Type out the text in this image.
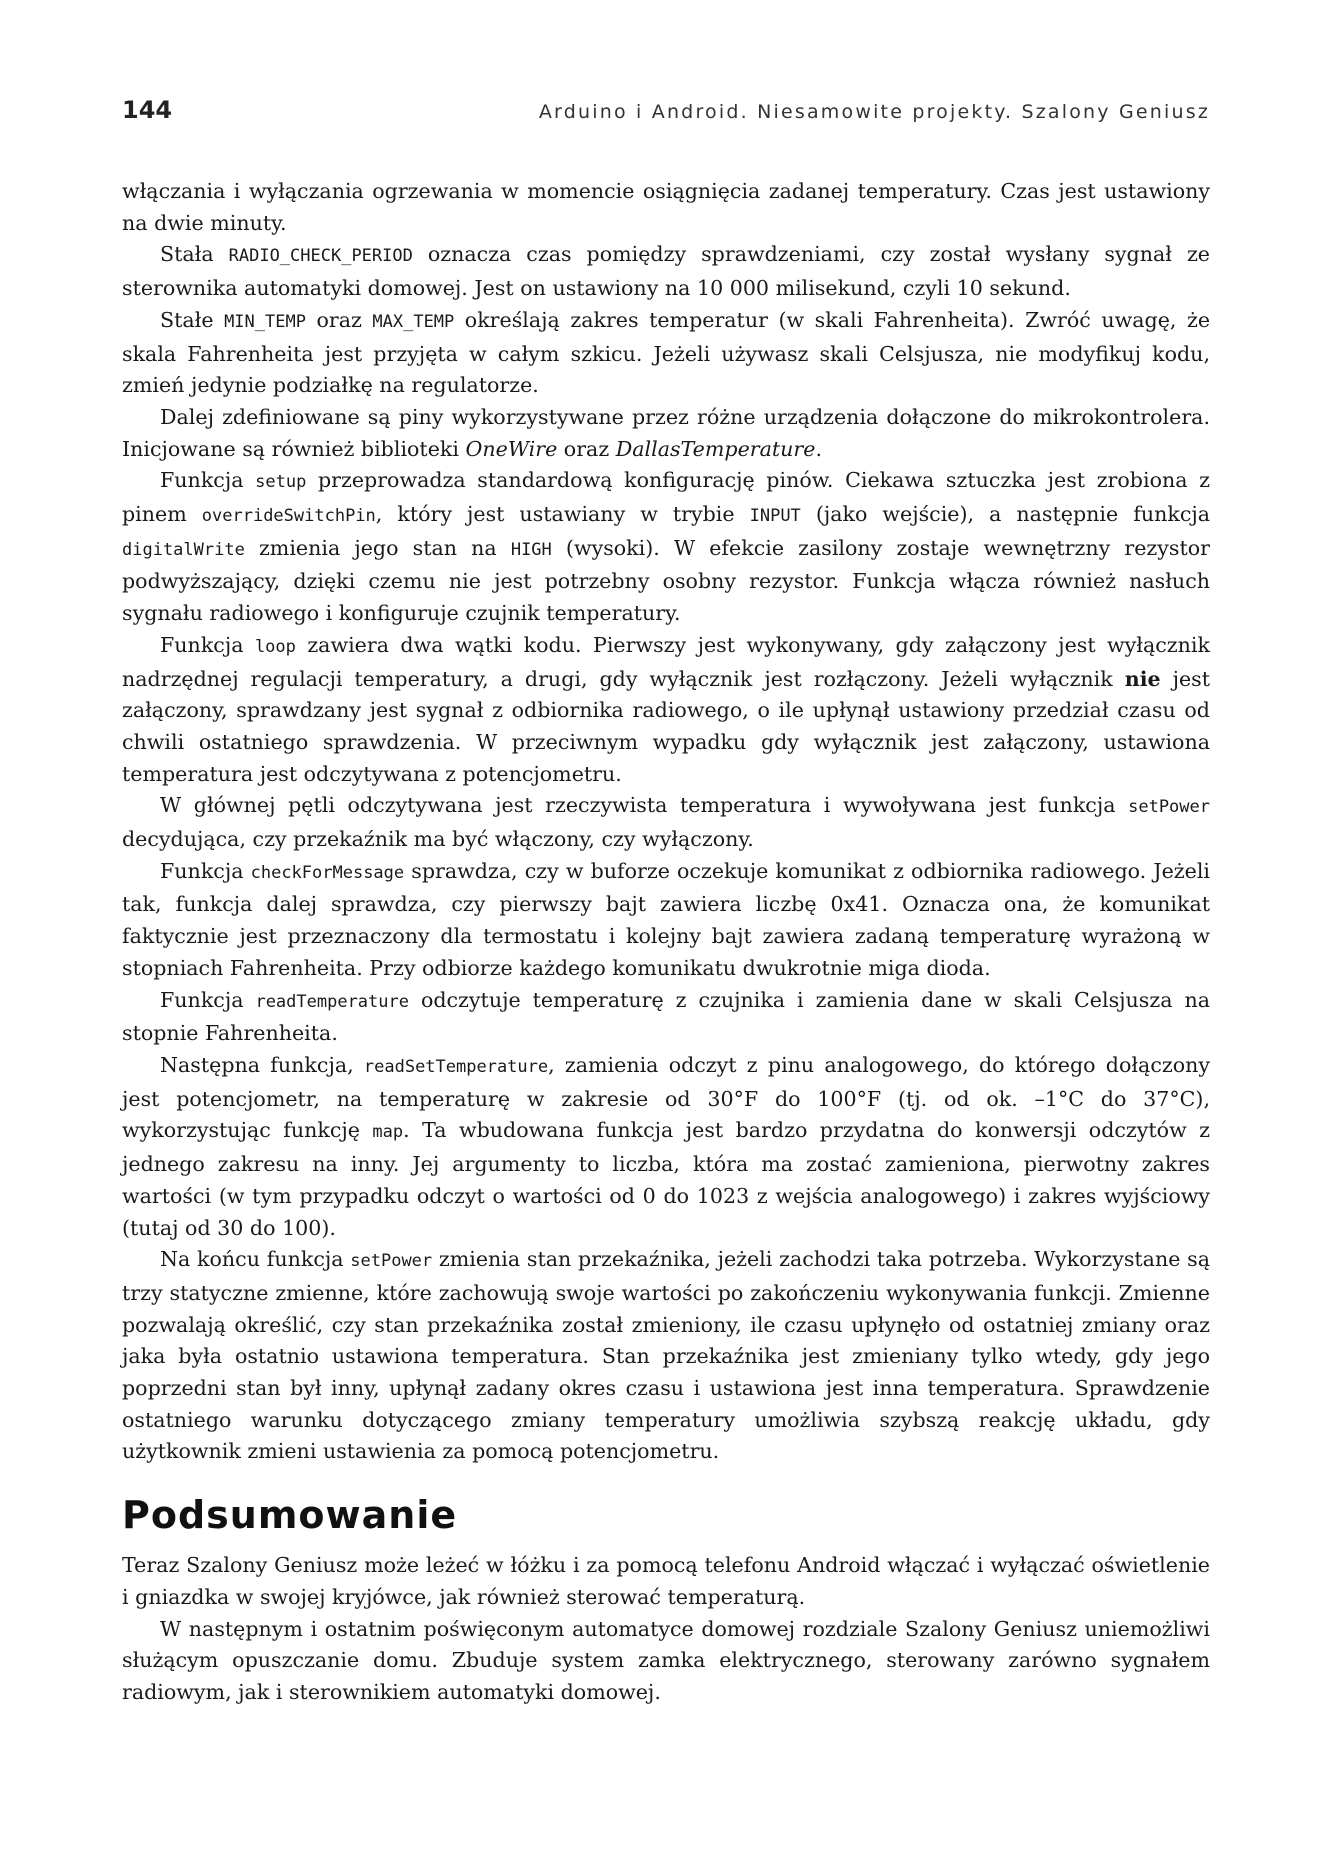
144	Arduino i Android. Niesamowite projekty. Szalony Geniusz

włączania i wyłączania ogrzewania w momencie osiągnięcia zadanej temperatury. Czas jest ustawiony na dwie minuty.

Stała RADIO_CHECK_PERIOD oznacza czas pomiędzy sprawdzeniami, czy został wysłany sygnał ze sterownika automatyki domowej. Jest on ustawiony na 10 000 milisekund, czyli 10 sekund.

Stałe MIN_TEMP oraz MAX_TEMP określają zakres temperatur (w skali Fahrenheita). Zwróć uwagę, że skala Fahrenheita jest przyjęta w całym szkicu. Jeżeli używasz skali Celsjusza, nie modyfikuj kodu, zmień jedynie podziałkę na regulatorze.

Dalej zdefiniowane są piny wykorzystywane przez różne urządzenia dołączone do mikrokontrolera. Inicjowane są również biblioteki OneWire oraz DallasTemperature.

Funkcja setup przeprowadza standardową konfigurację pinów. Ciekawa sztuczka jest zrobiona z pinem overrideSwitchPin, który jest ustawiany w trybie INPUT (jako wejście), a następnie funkcja digitalWrite zmienia jego stan na HIGH (wysoki). W efekcie zasilony zostaje wewnętrzny rezystor podwyższający, dzięki czemu nie jest potrzebny osobny rezystor. Funkcja włącza również nasłuch sygnału radiowego i konfiguruje czujnik temperatury.

Funkcja loop zawiera dwa wątki kodu. Pierwszy jest wykonywany, gdy załączony jest wyłącznik nadrzędnej regulacji temperatury, a drugi, gdy wyłącznik jest rozłączony. Jeżeli wyłącznik nie jest załączony, sprawdzany jest sygnał z odbiornika radiowego, o ile upłynął ustawiony przedział czasu od chwili ostatniego sprawdzenia. W przeciwnym wypadku gdy wyłącznik jest załączony, ustawiona temperatura jest odczytywana z potencjometru.

W głównej pętli odczytywana jest rzeczywista temperatura i wywoływana jest funkcja setPower decydująca, czy przekaźnik ma być włączony, czy wyłączony.

Funkcja checkForMessage sprawdza, czy w buforze oczekuje komunikat z odbiornika radiowego. Jeżeli tak, funkcja dalej sprawdza, czy pierwszy bajt zawiera liczbę 0x41. Oznacza ona, że komunikat faktycznie jest przeznaczony dla termostatu i kolejny bajt zawiera zadaną temperaturę wyrażoną w stopniach Fahrenheita. Przy odbiorze każdego komunikatu dwukrotnie miga dioda.

Funkcja readTemperature odczytuje temperaturę z czujnika i zamienia dane w skali Celsjusza na stopnie Fahrenheita.

Następna funkcja, readSetTemperature, zamienia odczyt z pinu analogowego, do którego dołączony jest potencjometr, na temperaturę w zakresie od 30°F do 100°F (tj. od ok. –1°C do 37°C), wykorzystując funkcję map. Ta wbudowana funkcja jest bardzo przydatna do konwersji odczytów z jednego zakresu na inny. Jej argumenty to liczba, która ma zostać zamieniona, pierwotny zakres wartości (w tym przypadku odczyt o wartości od 0 do 1023 z wejścia analogowego) i zakres wyjściowy (tutaj od 30 do 100).

Na końcu funkcja setPower zmienia stan przekaźnika, jeżeli zachodzi taka potrzeba. Wykorzystane są trzy statyczne zmienne, które zachowują swoje wartości po zakończeniu wykonywania funkcji. Zmienne pozwalają określić, czy stan przekaźnika został zmieniony, ile czasu upłynęło od ostatniej zmiany oraz jaka była ostatnio ustawiona temperatura. Stan przekaźnika jest zmieniany tylko wtedy, gdy jego poprzedni stan był inny, upłynął zadany okres czasu i ustawiona jest inna temperatura. Sprawdzenie ostatniego warunku dotyczącego zmiany temperatury umożliwia szybszą reakcję układu, gdy użytkownik zmieni ustawienia za pomocą potencjometru.

Podsumowanie

Teraz Szalony Geniusz może leżeć w łóżku i za pomocą telefonu Android włączać i wyłączać oświetlenie i gniazdka w swojej kryjówce, jak również sterować temperaturą.

W następnym i ostatnim poświęconym automatyce domowej rozdziale Szalony Geniusz uniemożliwi służącym opuszczanie domu. Zbuduje system zamka elektrycznego, sterowany zarówno sygnałem radiowym, jak i sterownikiem automatyki domowej.
